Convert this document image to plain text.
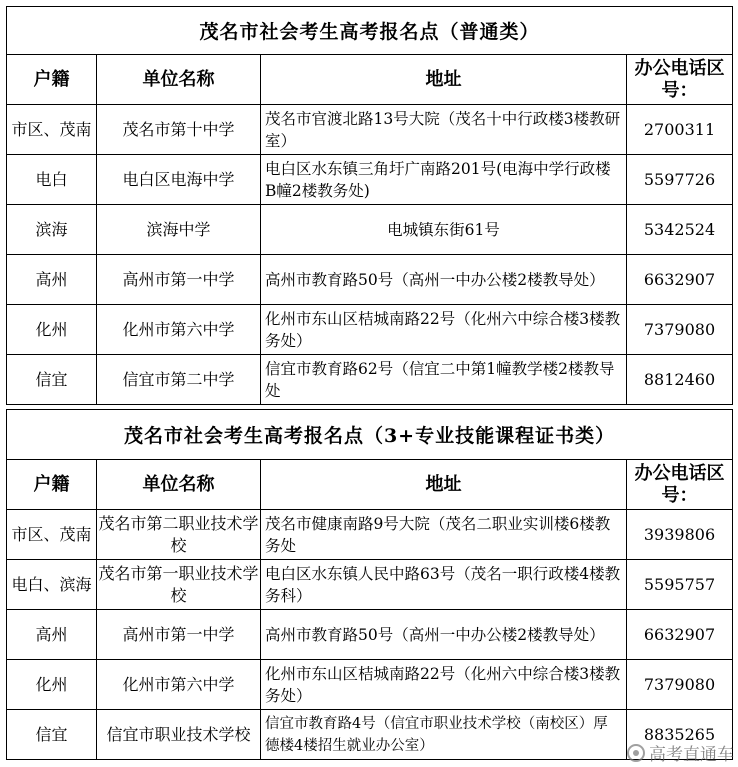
茂名市社会考生高考报名点（普通类）			
户籍	单位名称	地址	办公电话区号：
市区、茂南	茂名市第十中学	茂名市官渡北路13号大院（茂名十中行政楼3楼教研室）	2700311
电白	电白区电海中学	电白区水东镇三角圩广南路201号(电海中学行政楼B幢2楼教务处)	5597726
滨海	滨海中学	电城镇东街61号	5342524
高州	高州市第一中学	高州市教育路50号（高州一中办公楼2楼教导处）	6632907
化州	化州市第六中学	化州市东山区桔城南路22号（化州六中综合楼3楼教务处）	7379080
信宜	信宜市第二中学	信宜市教育路62号（信宜二中第1幢教学楼2楼教导处	8812460
茂名市社会考生高考报名点（3+专业技能课程证书类）			
户籍	单位名称	地址	办公电话区号：
市区、茂南	茂名市第二职业技术学校	茂名市健康南路9号大院（茂名二职业实训楼6楼教务处	3939806
电白、滨海	茂名市第一职业技术学校	电白区水东镇人民中路63号（茂名一职行政楼4楼教务科）	5595757
高州	高州市第一中学	高州市教育路50号（高州一中办公楼2楼教导处）	6632907
化州	化州市第六中学	化州市东山区桔城南路22号（化州六中综合楼3楼教务处）	7379080
信宜	信宜市职业技术学校	信宜市教育路4号（信宜市职业技术学校（南校区）厚德楼4楼招生就业办公室）	8835265
高考直通车
